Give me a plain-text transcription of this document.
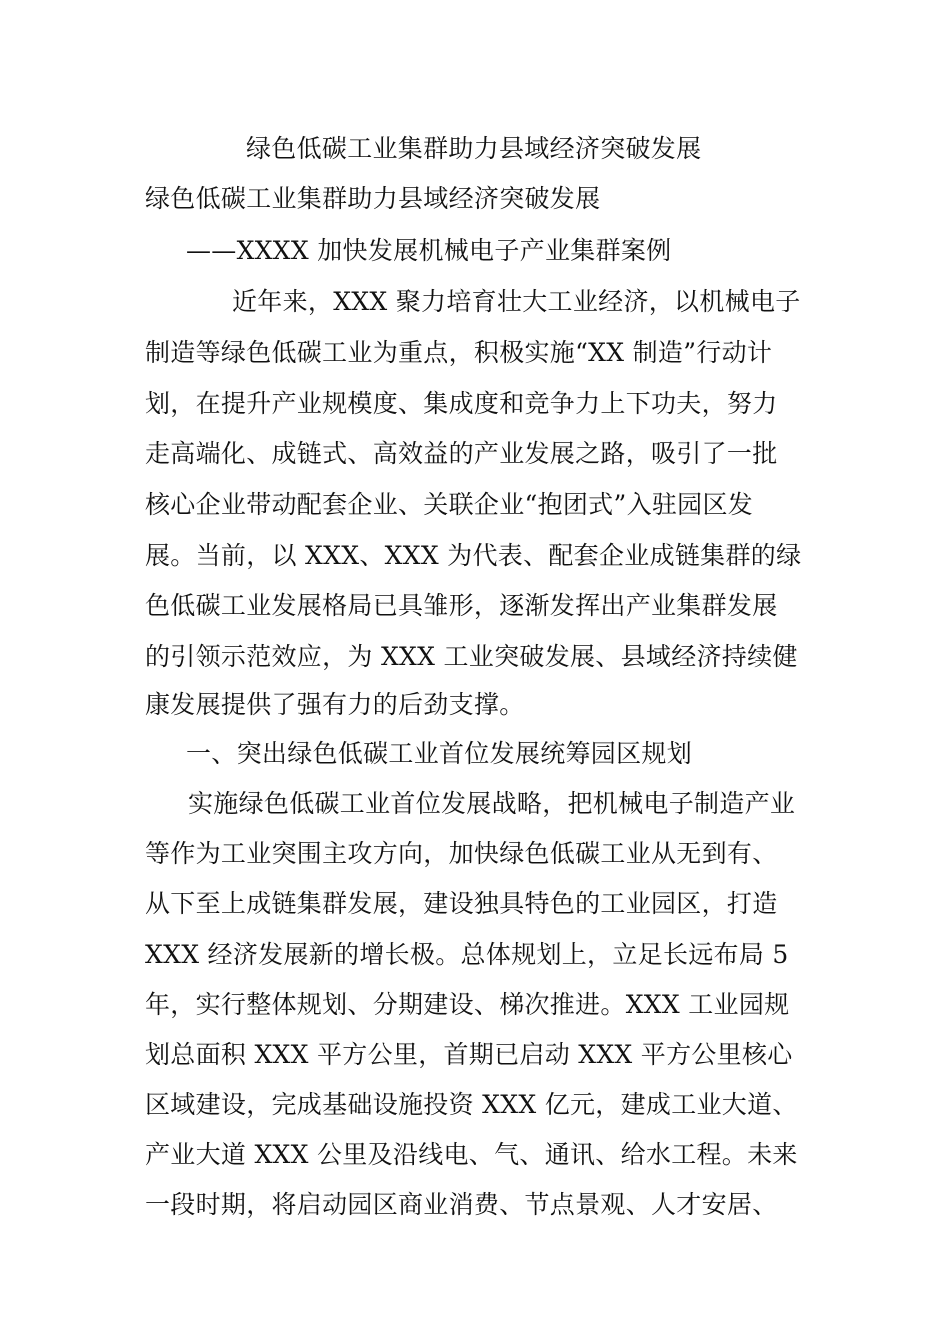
绿色低碳工业集群助力县域经济突破发展
绿色低碳工业集群助力县域经济突破发展
——XXXX 加快发展机械电子产业集群案例
近年来，XXX 聚力培育壮大工业经济，以机械电子
制造等绿色低碳工业为重点，积极实施“XX 制造”行动计
划，在提升产业规模度、集成度和竞争力上下功夫，努力
走高端化、成链式、高效益的产业发展之路，吸引了一批
核心企业带动配套企业、关联企业“抱团式”入驻园区发
展。当前，以 XXX、XXX 为代表、配套企业成链集群的绿
色低碳工业发展格局已具雏形，逐渐发挥出产业集群发展
的引领示范效应，为 XXX 工业突破发展、县域经济持续健
康发展提供了强有力的后劲支撑。
一、突出绿色低碳工业首位发展统筹园区规划
实施绿色低碳工业首位发展战略，把机械电子制造产业
等作为工业突围主攻方向，加快绿色低碳工业从无到有、
从下至上成链集群发展，建设独具特色的工业园区，打造
XXX 经济发展新的增长极。总体规划上，立足长远布局 5
年，实行整体规划、分期建设、梯次推进。XXX 工业园规
划总面积 XXX 平方公里，首期已启动 XXX 平方公里核心
区域建设，完成基础设施投资 XXX 亿元，建成工业大道、
产业大道 XXX 公里及沿线电、气、通讯、给水工程。未来
一段时期，将启动园区商业消费、节点景观、人才安居、
